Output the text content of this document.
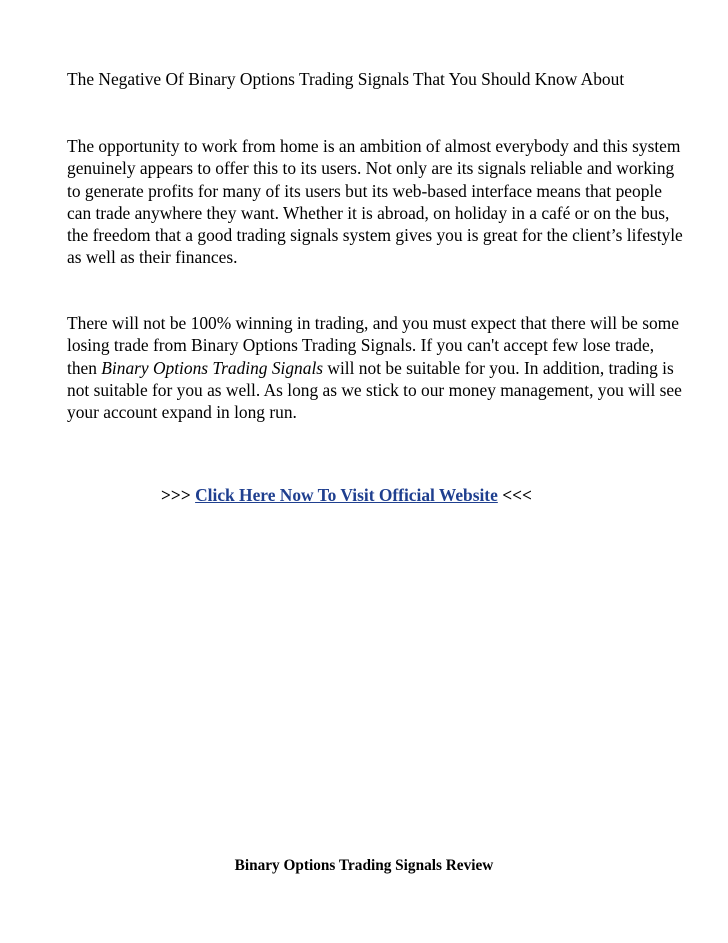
The Negative Of Binary Options Trading Signals That You Should Know About

The opportunity to work from home is an ambition of almost everybody and this system genuinely appears to offer this to its users. Not only are its signals reliable and working to generate profits for many of its users but its web-based interface means that people can trade anywhere they want. Whether it is abroad, on holiday in a café or on the bus, the freedom that a good trading signals system gives you is great for the client’s lifestyle as well as their finances.

There will not be 100% winning in trading, and you must expect that there will be some losing trade from Binary Options Trading Signals. If you can't accept few lose trade, then Binary Options Trading Signals will not be suitable for you. In addition, trading is not suitable for you as well. As long as we stick to our money management, you will see your account expand in long run.

>>> Click Here Now To Visit Official Website <<<
Binary Options Trading Signals Review
